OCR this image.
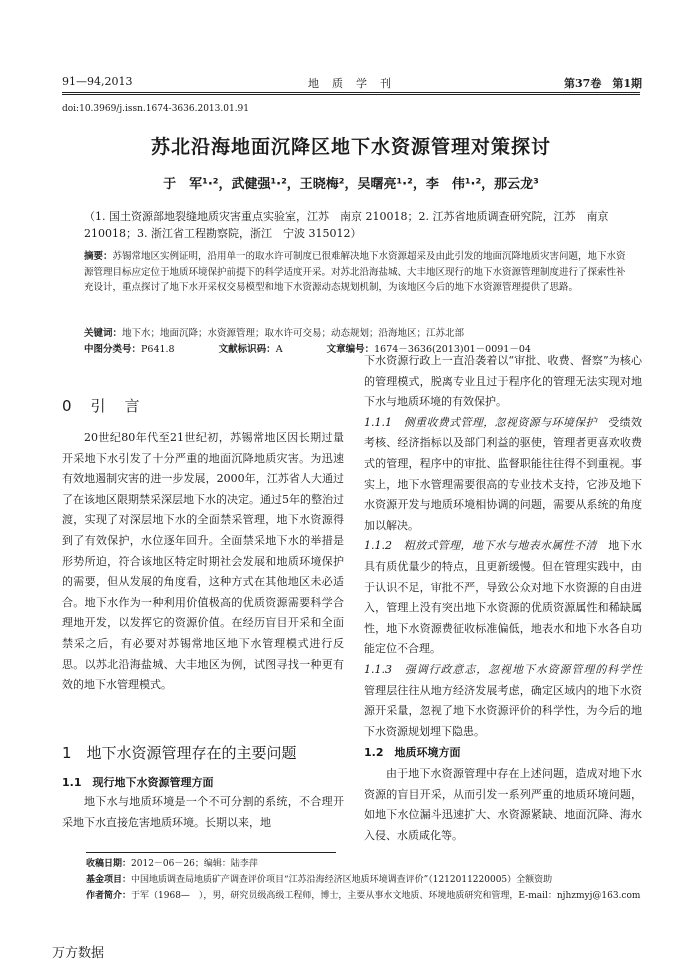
91—94,2013	地　质　学　刊	第37卷　第1期
doi:10.3969/j.issn.1674-3636.2013.01.91
苏北沿海地面沉降区地下水资源管理对策探讨
于　军¹·²，武健强¹·²，王晓梅²，吴曙亮¹·²，李　伟¹·²，那云龙³
（1. 国土资源部地裂缝地质灾害重点实验室，江苏　南京 210018；2. 江苏省地质调查研究院，江苏　南京 210018；3. 浙江省工程勘察院，浙江　宁波 315012）
摘要：苏锡常地区实例证明，沿用单一的取水许可制度已很难解决地下水资源超采及由此引发的地面沉降地质灾害问题，地下水资源管理目标应定位于地质环境保护前提下的科学适度开采。对苏北沿海盐城、大丰地区现行的地下水资源管理制度进行了探索性补充设计，重点探讨了地下水开采权交易模型和地下水资源动态规划机制，为该地区今后的地下水资源管理提供了思路。
关键词：地下水；地面沉降；水资源管理；取水许可交易；动态规划；沿海地区；江苏北部
中图分类号：P641.8	文献标识码：A	文章编号：1674－3636(2013)01－0091－04
0　引　言

20世纪80年代至21世纪初，苏锡常地区因长期过量开采地下水引发了十分严重的地面沉降地质灾害。为迅速有效地遏制灾害的进一步发展，2000年，江苏省人大通过了在该地区限期禁采深层地下水的决定。通过5年的整治过渡，实现了对深层地下水的全面禁采管理，地下水资源得到了有效保护，水位逐年回升。全面禁采地下水的举措是形势所迫，符合该地区特定时期社会发展和地质环境保护的需要，但从发展的角度看，这种方式在其他地区未必适合。地下水作为一种利用价值极高的优质资源需要科学合理地开发，以发挥它的资源价值。在经历盲目开采和全面禁采之后，有必要对苏锡常地区地下水管理模式进行反思。以苏北沿海盐城、大丰地区为例，试图寻找一种更有效的地下水管理模式。

1　地下水资源管理存在的主要问题
1.1　现行地下水资源管理方面

地下水与地质环境是一个不可分割的系统，不合理开采地下水直接危害地质环境。长期以来，地

下水资源行政上一直沿袭着以“审批、收费、督察”为核心的管理模式，脱离专业且过于程序化的管理无法实现对地下水与地质环境的有效保护。

1.1.1　侧重收费式管理，忽视资源与环境保护　 受绩效考核、经济指标以及部门利益的驱使，管理者更喜欢收费式的管理，程序中的审批、监督职能往往得不到重视。事实上，地下水管理需要很高的专业技术支持，它涉及地下水资源开发与地质环境相协调的问题，需要从系统的角度加以解决。

1.1.2　粗放式管理，地下水与地表水属性不清　 地下水具有质优量少的特点，且更新缓慢。但在管理实践中，由于认识不足，审批不严，导致公众对地下水资源的自由进入，管理上没有突出地下水资源的优质资源属性和稀缺属性，地下水资源费征收标准偏低，地表水和地下水各自功能定位不合理。

1.1.3　强调行政意志，忽视地下水资源管理的科学性　管理层往往从地方经济发展考虑，确定区域内的地下水资源开采量，忽视了地下水资源评价的科学性，为今后的地下水资源规划埋下隐患。

1.2　地质环境方面

由于地下水资源管理中存在上述问题，造成对地下水资源的盲目开采，从而引发一系列严重的地质环境问题，如地下水位漏斗迅速扩大、水资源紧缺、地面沉降、海水入侵、水质咸化等。

收稿日期：2012－06－26；编辑：陆李萍
基金项目：中国地质调查局地质矿产调查评价项目“江苏沿海经济区地质环境调查评价”（1212011220005）全额资助
作者简介：于军（1968—　），男，研究员级高级工程师，博士，主要从事水文地质、环境地质研究和管理，E-mail：njhzmyj@163.com
万方数据
